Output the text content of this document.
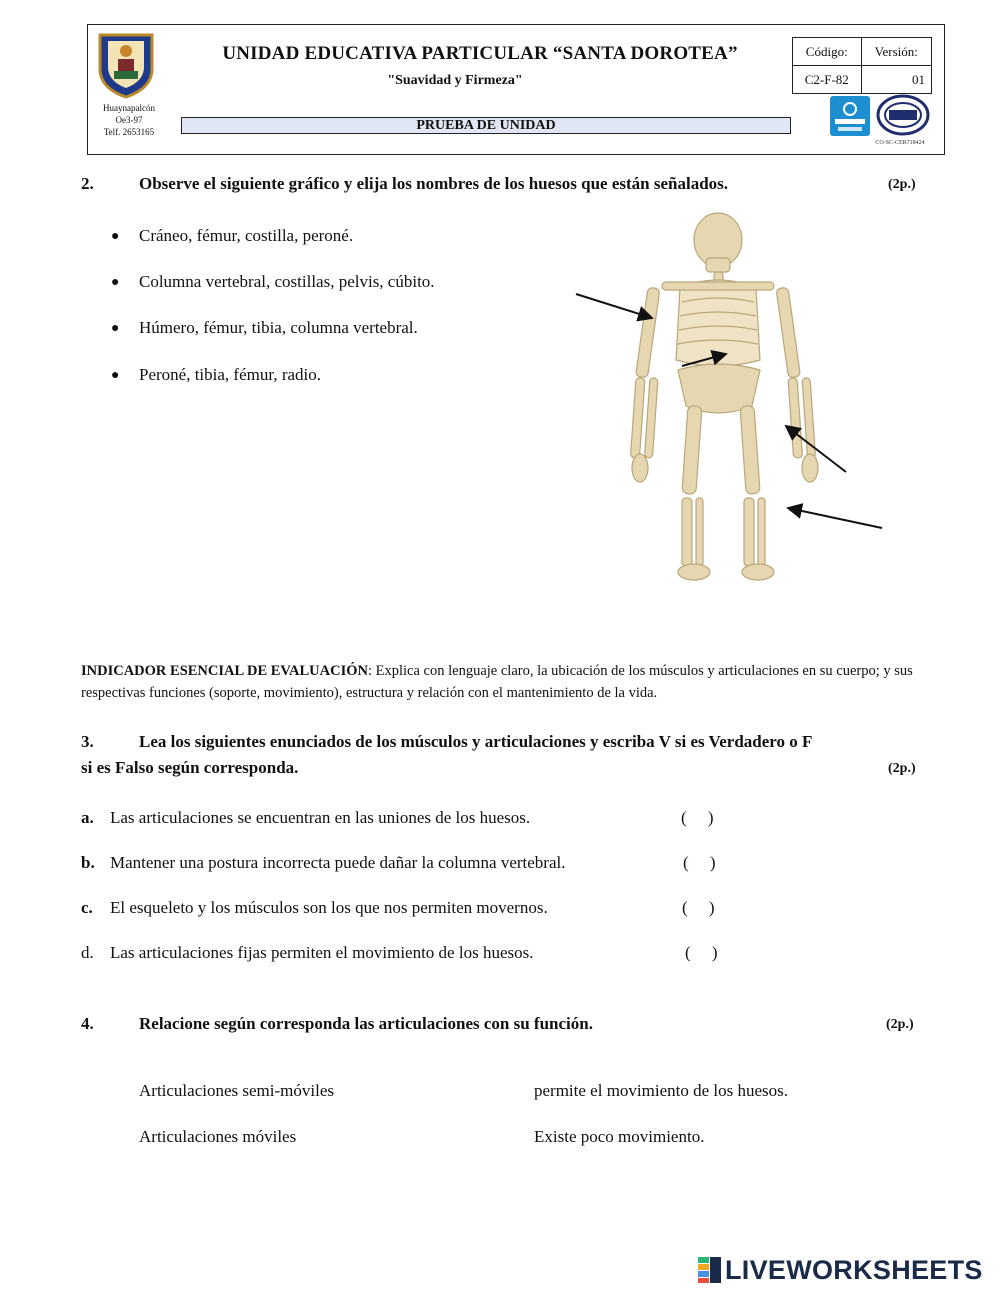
Huaynapalcón
Oe3-97
Telf. 2653165
UNIDAD EDUCATIVA PARTICULAR “SANTA DOROTEA”
"Suavidad y Firmeza"
PRUEBA DE UNIDAD
Código:	Versión:
C2-F-82	01
CO-SC-CER718424
2.	Observe el siguiente gráfico y elija los nombres de los huesos que están señalados.	(2p.)
● Cráneo, fémur, costilla, peroné.
● Columna vertebral, costillas, pelvis, cúbito.
● Húmero, fémur, tibia, columna vertebral.
● Peroné, tibia, fémur, radio.
INDICADOR ESENCIAL DE EVALUACIÓN: Explica con lenguaje claro, la ubicación de los músculos y articulaciones en su cuerpo; y sus respectivas funciones (soporte, movimiento), estructura y relación con el mantenimiento de la vida.
3.	Lea los siguientes enunciados de los músculos y articulaciones y escriba V si es Verdadero o F
si es Falso según corresponda.	(2p.)
a. Las articulaciones se encuentran en las uniones de los huesos.	(     )
b. Mantener una postura incorrecta puede dañar la columna vertebral.	(     )
c. El esqueleto y los músculos son los que nos permiten movernos.	(     )
d. Las articulaciones fijas permiten el movimiento de los huesos.	(     )
4.	Relacione según corresponda las articulaciones con su función.	(2p.)
Articulaciones semi-móviles	permite el movimiento de los huesos.
Articulaciones móviles	Existe poco movimiento.
LIVEWORKSHEETS
